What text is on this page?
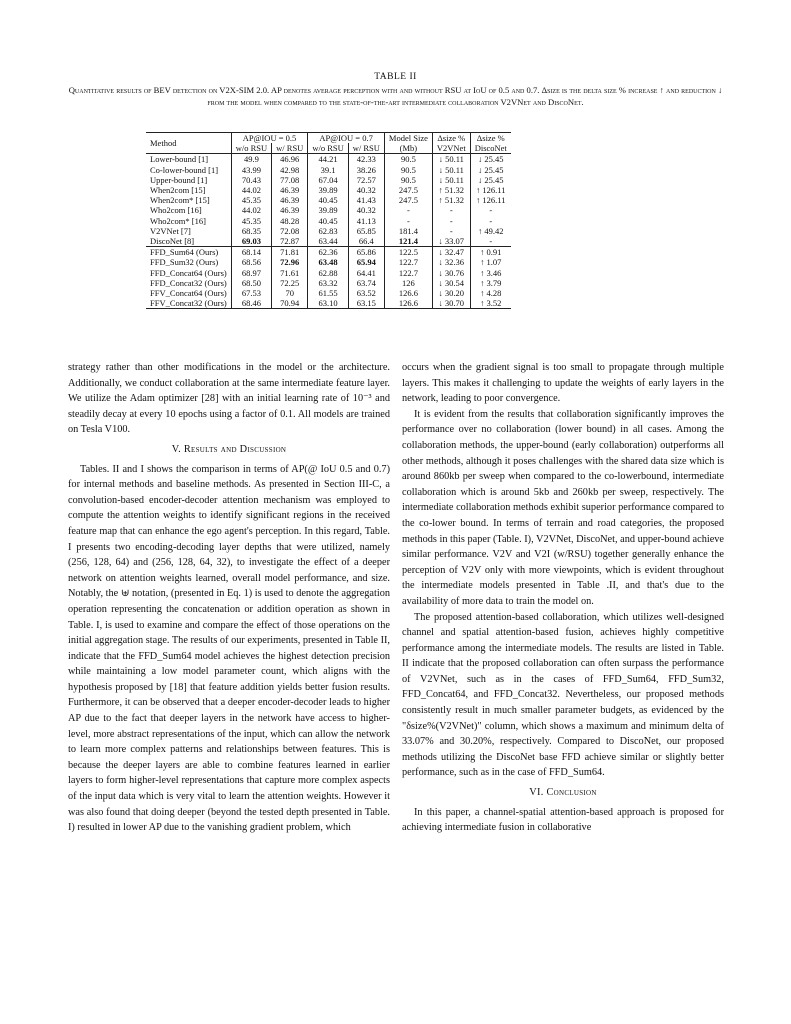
TABLE II
Quantitative results of BEV detection on V2X-SIM 2.0. AP denotes average perception with and without RSU at IoU of 0.5 and 0.7. Δsize is the delta size % increase ↑ and reduction ↓ from the model when compared to the state-of-the-art intermediate collaboration V2VNet and DiscoNet.
Method	AP@IOU = 0.5		AP@IOU = 0.7		Model Size	Δsize %	Δsize %
	w/o RSU	w/ RSU	w/o RSU	w/ RSU	(Mb)	V2VNet	DiscoNet
Lower-bound [1]	49.9	46.96	44.21	42.33	90.5	↓ 50.11	↓ 25.45
Co-lower-bound [1]	43.99	42.98	39.1	38.26	90.5	↓ 50.11	↓ 25.45
Upper-bound [1]	70.43	77.08	67.04	72.57	90.5	↓ 50.11	↓ 25.45
When2com [15]	44.02	46.39	39.89	40.32	247.5	↑ 51.32	↑ 126.11
When2com* [15]	45.35	46.39	40.45	41.43	247.5	↑ 51.32	↑ 126.11
Who2com [16]	44.02	46.39	39.89	40.32	-	-	-
Who2com* [16]	45.35	48.28	40.45	41.13	-	-	-
V2VNet [7]	68.35	72.08	62.83	65.85	181.4	-	↑ 49.42
DiscoNet [8]	69.03	72.87	63.44	66.4	121.4	↓ 33.07	-
FFD_Sum64 (Ours)	68.14	71.81	62.36	65.86	122.5	↓ 32.47	↑ 0.91
FFD_Sum32 (Ours)	68.56	72.96	63.48	65.94	122.7	↓ 32.36	↑ 1.07
FFD_Concat64 (Ours)	68.97	71.61	62.88	64.41	122.7	↓ 30.76	↑ 3.46
FFD_Concat32 (Ours)	68.50	72.25	63.32	63.74	126	↓ 30.54	↑ 3.79
FFV_Concat64 (Ours)	67.53	70	61.55	63.52	126.6	↓ 30.20	↑ 4.28
FFV_Concat32 (Ours)	68.46	70.94	63.10	63.15	126.6	↓ 30.70	↑ 3.52

strategy rather than other modifications in the model or the architecture. Additionally, we conduct collaboration at the same intermediate feature layer. We utilize the Adam optimizer [28] with an initial learning rate of 10⁻³ and steadily decay at every 10 epochs using a factor of 0.1. All models are trained on Tesla V100.

V. Results and Discussion

Tables. II and I shows the comparison in terms of AP(@ IoU 0.5 and 0.7) for internal methods and baseline methods. As presented in Section III-C, a convolution-based encoder-decoder attention mechanism was employed to compute the attention weights to identify significant regions in the received feature map that can enhance the ego agent's perception. In this regard, Table. I presents two encoding-decoding layer depths that were utilized, namely (256, 128, 64) and (256, 128, 64, 32), to investigate the effect of a deeper network on attention weights learned, overall model performance, and size. Notably, the ⊎ notation, (presented in Eq. 1) is used to denote the aggregation operation representing the concatenation or addition operation as shown in Table. I, is used to examine and compare the effect of those operations on the initial aggregation stage. The results of our experiments, presented in Table II, indicate that the FFD_Sum64 model achieves the highest detection precision while maintaining a low model parameter count, which aligns with the hypothesis proposed by [18] that feature addition yields better fusion results. Furthermore, it can be observed that a deeper encoder-decoder leads to higher AP due to the fact that deeper layers in the network have access to higher-level, more abstract representations of the input, which can allow the network to learn more complex patterns and relationships between features. This is because the deeper layers are able to combine features learned in earlier layers to form higher-level representations that capture more complex aspects of the input data which is very vital to learn the attention weights. However it was also found that doing deeper (beyond the tested depth presented in Table. I) resulted in lower AP due to the vanishing gradient problem, which

occurs when the gradient signal is too small to propagate through multiple layers. This makes it challenging to update the weights of early layers in the network, leading to poor convergence.

It is evident from the results that collaboration significantly improves the performance over no collaboration (lower bound) in all cases. Among the collaboration methods, the upper-bound (early collaboration) outperforms all other methods, although it poses challenges with the shared data size which is around 860kb per sweep when compared to the co-lowerbound, intermediate collaboration which is around 5kb and 260kb per sweep, respectively. The intermediate collaboration methods exhibit superior performance compared to the co-lower bound. In terms of terrain and road categories, the proposed methods in this paper (Table. I), V2VNet, DiscoNet, and upper-bound achieve similar performance. V2V and V2I (w/RSU) together generally enhance the perception of V2V only with more viewpoints, which is evident throughout the intermediate models presented in Table .II, and that's due to the availability of more data to train the model on.

The proposed attention-based collaboration, which utilizes well-designed channel and spatial attention-based fusion, achieves highly competitive performance among the intermediate models. The results are listed in Table. II indicate that the proposed collaboration can often surpass the performance of V2VNet, such as in the cases of FFD_Sum64, FFD_Sum32, FFD_Concat64, and FFD_Concat32. Nevertheless, our proposed methods consistently result in much smaller parameter budgets, as evidenced by the "δsize%(V2VNet)" column, which shows a maximum and minimum delta of 33.07% and 30.20%, respectively. Compared to DiscoNet, our proposed methods utilizing the DiscoNet base FFD achieve similar or slightly better performance, such as in the case of FFD_Sum64.

VI. Conclusion

In this paper, a channel-spatial attention-based approach is proposed for achieving intermediate fusion in collaborative
